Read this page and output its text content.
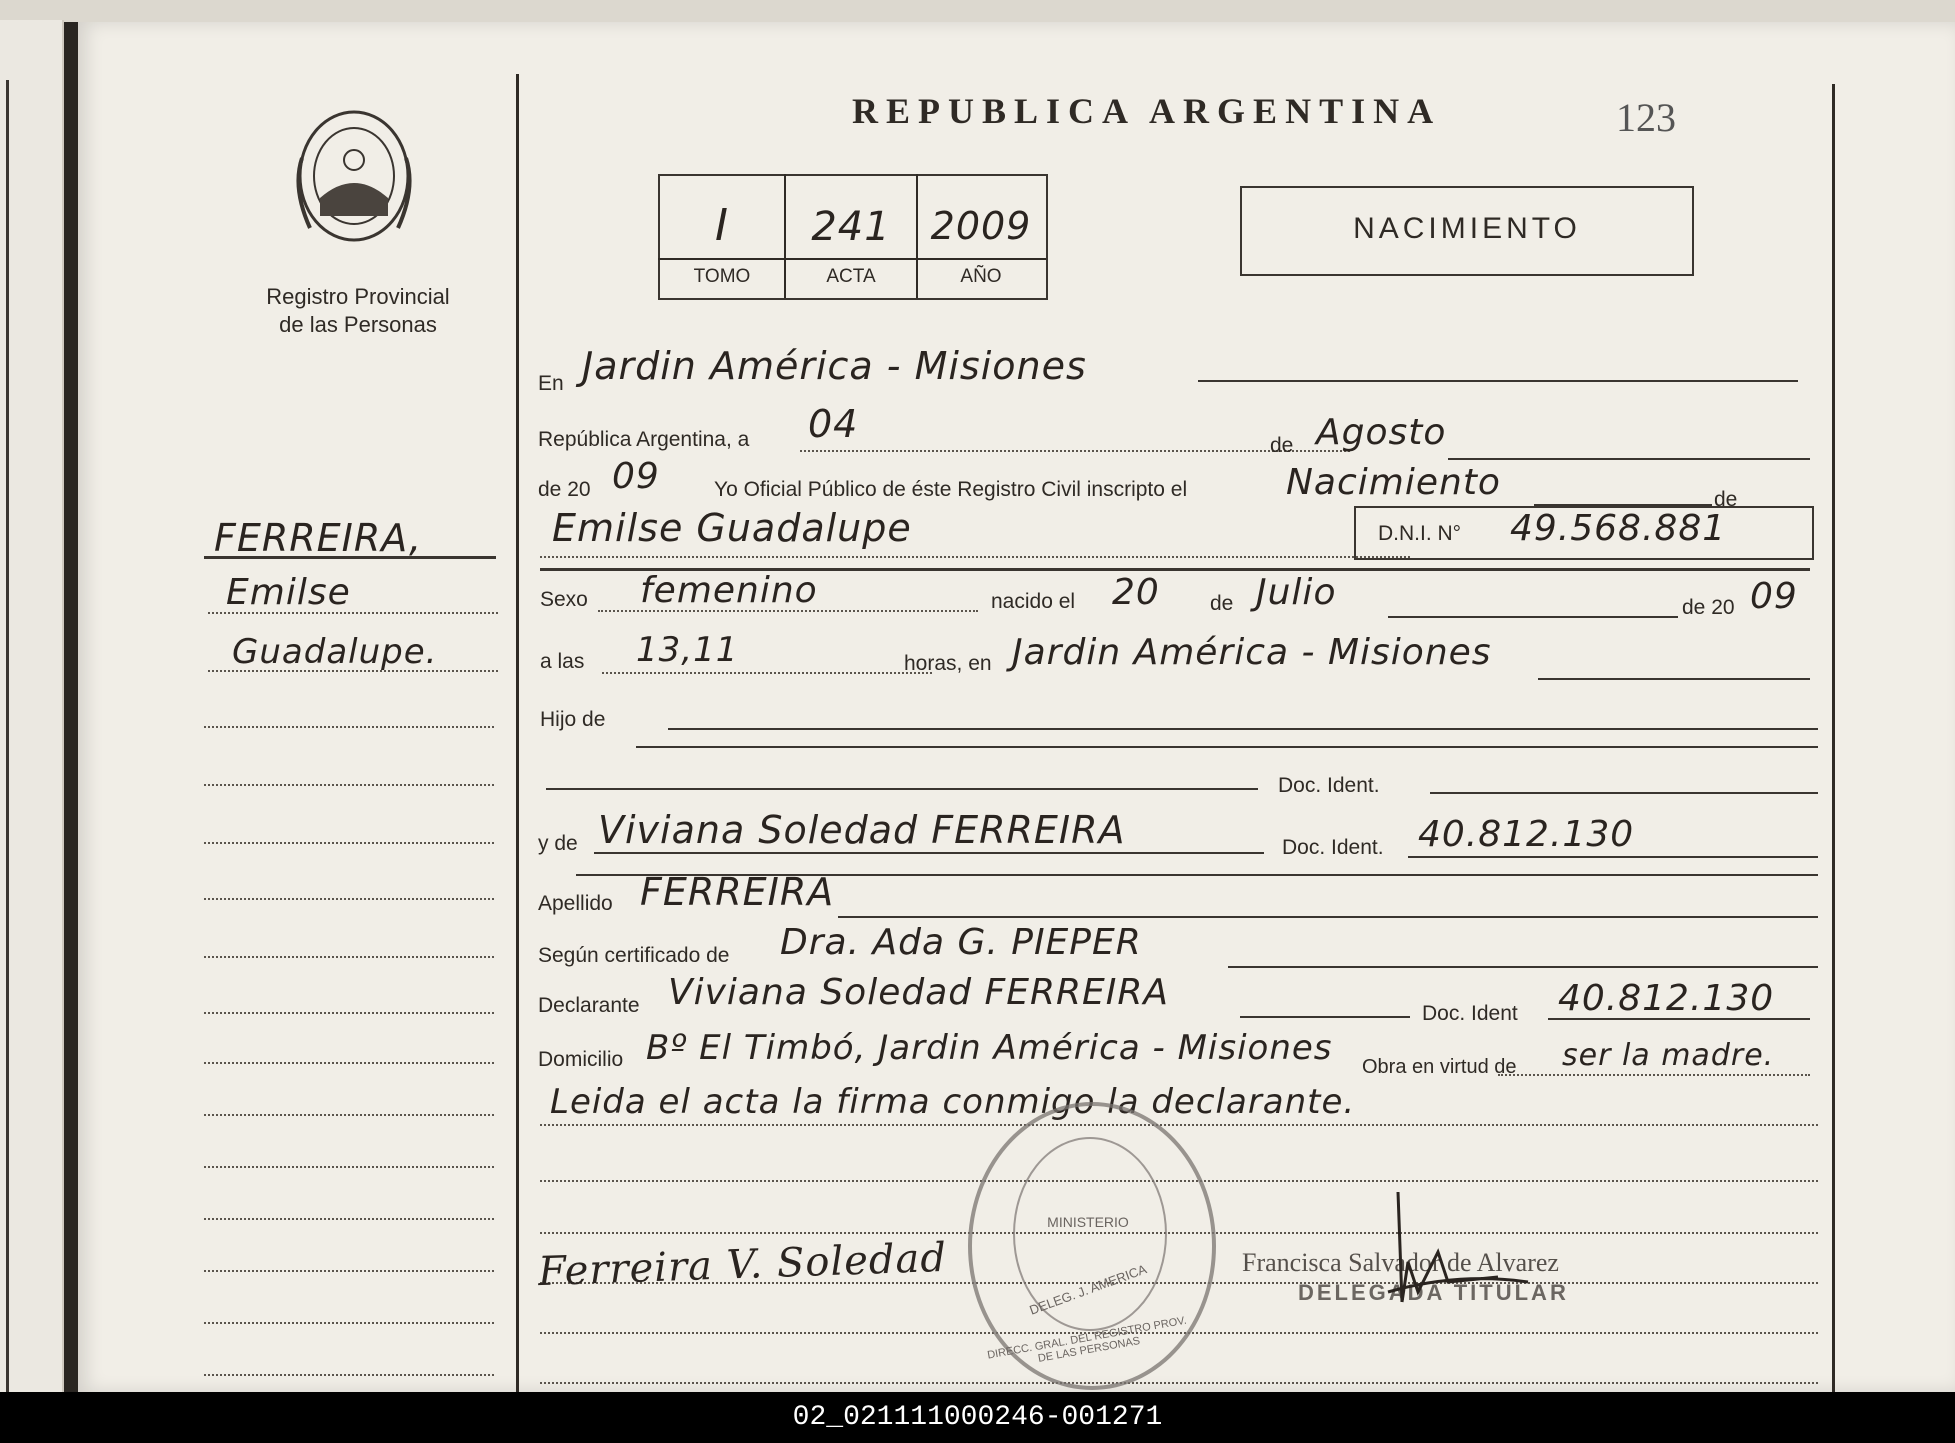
Registro Provincial
de las Personas
REPUBLICA ARGENTINA	123
I	241	2009
TOMO	ACTA	AÑO
NACIMIENTO
FERREIRA,
Emilse
Guadalupe.
En Jardin América - Misiones
República Argentina, a 04	de Agosto
de 20 09	Yo Oficial Público de éste Registro Civil inscripto el	Nacimiento	de
Emilse Guadalupe	D.N.I. N° 49.568.881
Sexo femenino	nacido el 20 de Julio	de 20 09
a las 13,11	horas, en Jardin América - Misiones
Hijo de
Doc. Ident.
y de Viviana Soledad FERREIRA	Doc. Ident. 40.812.130
Apellido FERREIRA
Según certificado de Dra. Ada G. PIEPER
Declarante Viviana Soledad FERREIRA
Doc. Ident 40.812.130
Domicilio Bº El Timbó, Jardin América - Misiones Obra en virtud de ser la madre.
Leida el acta la firma conmigo la declarante.
Ferreira V. Soledad
MINISTERIO
DIRECC. GRAL. DEL REGISTRO PROV. DE LAS PERSONAS
DELEG. J. AMERICA	Francisca Salvador de Alvarez
DELEGADA TITULAR
02_021111000246-001271
